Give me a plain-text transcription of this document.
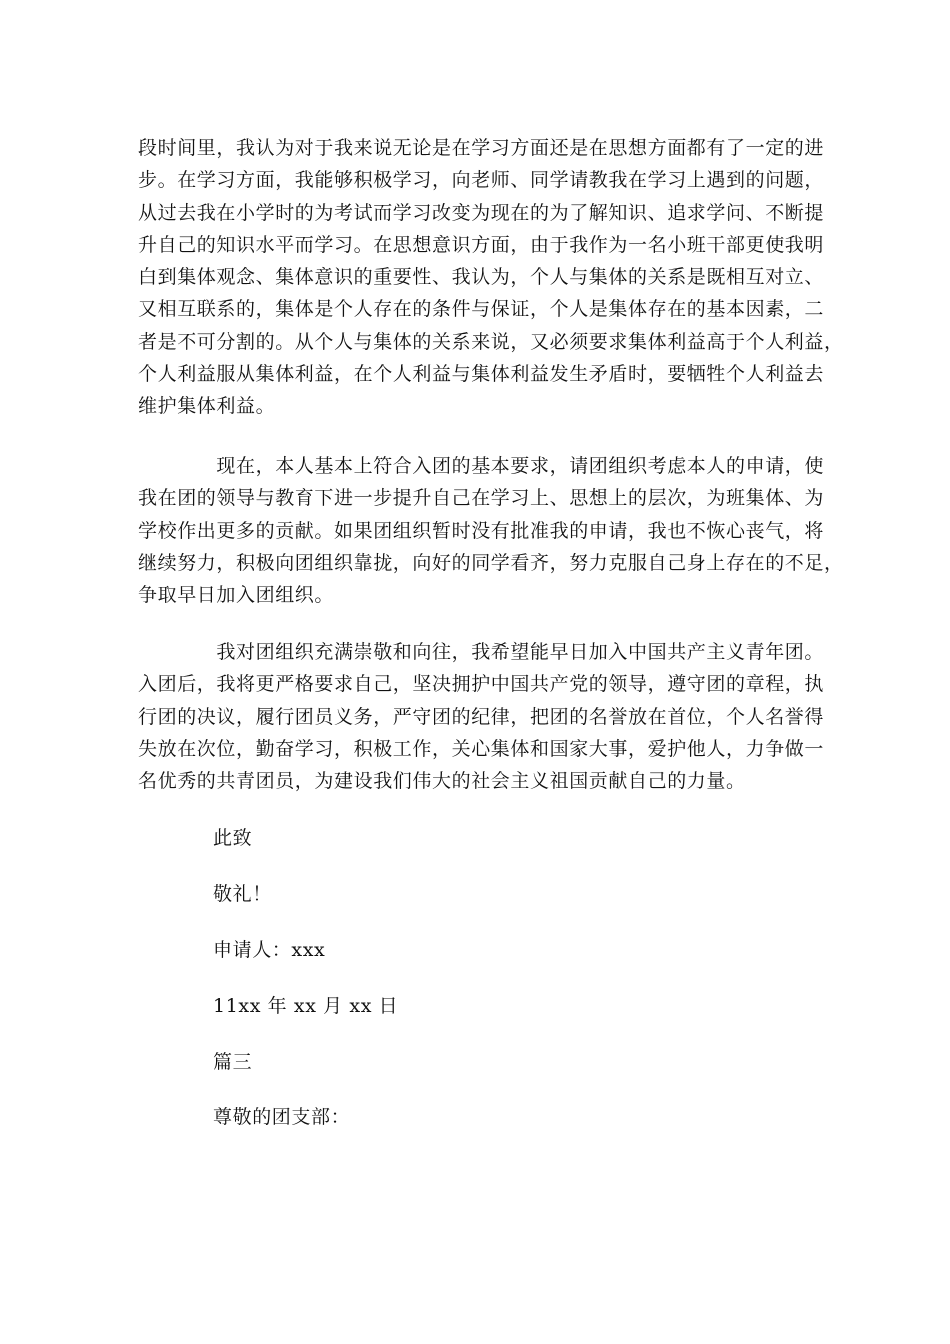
段时间里，我认为对于我来说无论是在学习方面还是在思想方面都有了一定的进
步。在学习方面，我能够积极学习，向老师、同学请教我在学习上遇到的问题，
从过去我在小学时的为考试而学习改变为现在的为了解知识、追求学问、不断提
升自己的知识水平而学习。在思想意识方面，由于我作为一名小班干部更使我明
白到集体观念、集体意识的重要性、我认为，个人与集体的关系是既相互对立、
又相互联系的，集体是个人存在的条件与保证，个人是集体存在的基本因素，二
者是不可分割的。从个人与集体的关系来说，又必须要求集体利益高于个人利益，
个人利益服从集体利益，在个人利益与集体利益发生矛盾时，要牺牲个人利益去
维护集体利益。
　　　　现在，本人基本上符合入团的基本要求，请团组织考虑本人的申请，使
我在团的领导与教育下进一步提升自己在学习上、思想上的层次，为班集体、为
学校作出更多的贡献。如果团组织暂时没有批准我的申请，我也不恢心丧气，将
继续努力，积极向团组织靠拢，向好的同学看齐，努力克服自己身上存在的不足，
争取早日加入团组织。
　　　　我对团组织充满崇敬和向往，我希望能早日加入中国共产主义青年团。
入团后，我将更严格要求自己，坚决拥护中国共产党的领导，遵守团的章程，执
行团的决议，履行团员义务，严守团的纪律，把团的名誉放在首位，个人名誉得
失放在次位，勤奋学习，积极工作，关心集体和国家大事，爱护他人，力争做一
名优秀的共青团员，为建设我们伟大的社会主义祖国贡献自己的力量。
此致
敬礼！
申请人：xxx
11xx 年 xx 月 xx 日
篇三
尊敬的团支部：
